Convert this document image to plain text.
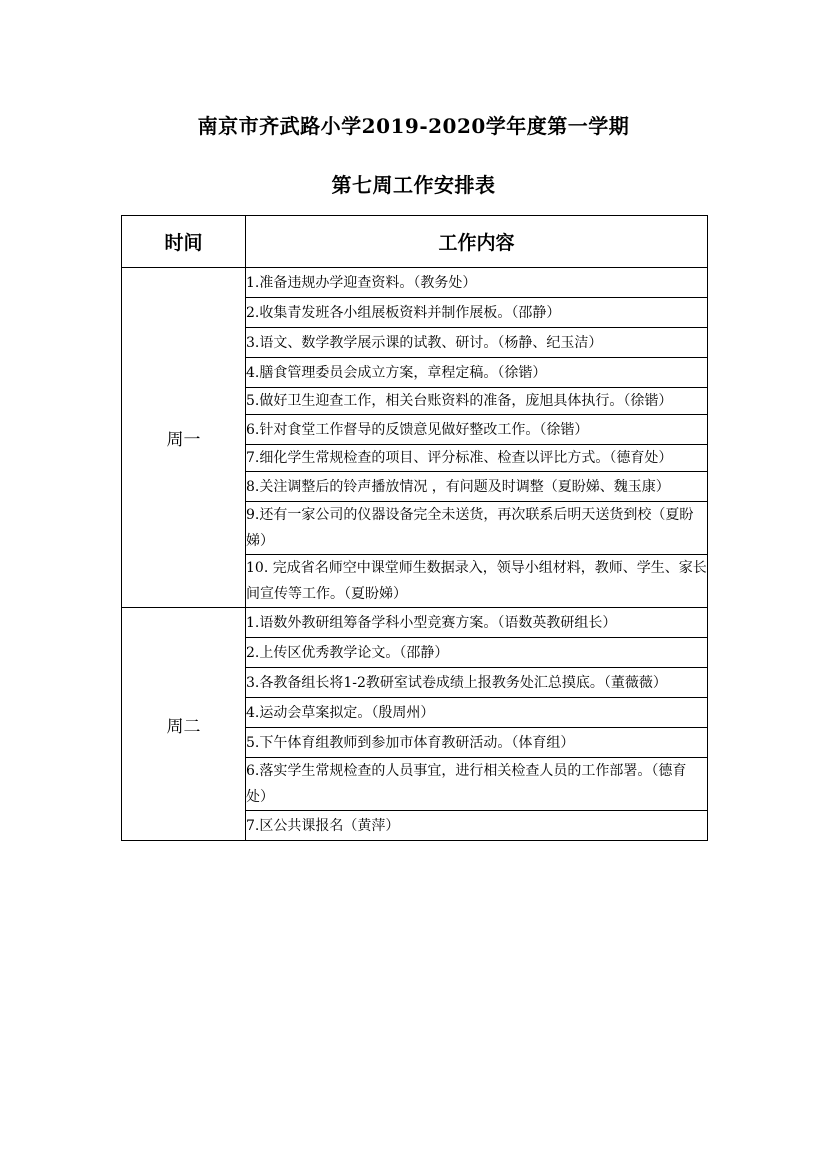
南京市齐武路小学2019-2020学年度第一学期
第七周工作安排表
时间	工作内容
周一	1.准备违规办学迎查资料。（教务处）
	2.收集青发班各小组展板资料并制作展板。（邵静）
	3.语文、数学教学展示课的试教、研讨。（杨静、纪玉洁）
	4.膳食管理委员会成立方案，章程定稿。（徐锴）
	5.做好卫生迎查工作，相关台账资料的准备，庞旭具体执行。（徐锴）
	6.针对食堂工作督导的反馈意见做好整改工作。（徐锴）
	7.细化学生常规检查的项目、评分标准、检查以评比方式。（德育处）
	8.关注调整后的铃声播放情况 ，有问题及时调整（夏盼娣、魏玉康）
	9.还有一家公司的仪器设备完全未送货，再次联系后明天送货到校（夏盼娣）
	10. 完成省名师空中课堂师生数据录入，领导小组材料，教师、学生、家长间宣传等工作。（夏盼娣）
周二	1.语数外教研组筹备学科小型竞赛方案。（语数英教研组长）
	2.上传区优秀教学论文。（邵静）
	3.各教备组长将1-2教研室试卷成绩上报教务处汇总摸底。（董薇薇）
	4.运动会草案拟定。（殷周州）
	5.下午体育组教师到参加市体育教研活动。（体育组）
	6.落实学生常规检查的人员事宜，进行相关检查人员的工作部署。（德育处）
	7.区公共课报名（黄萍）
